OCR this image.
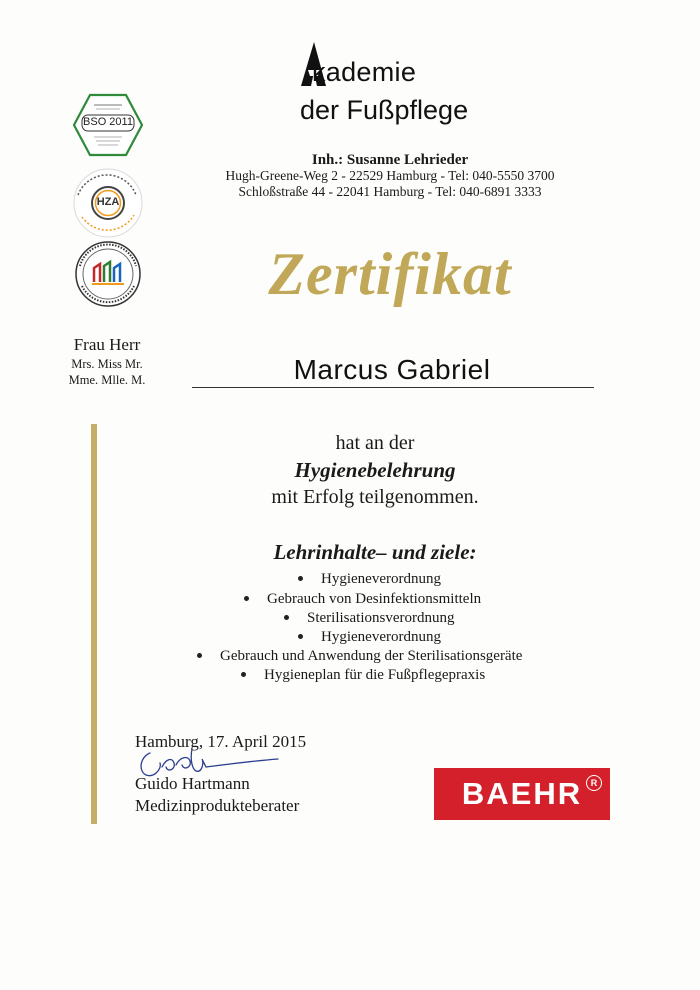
kademie
der Fußpflege
Inh.: Susanne Lehrieder
Hugh-Greene-Weg 2 - 22529 Hamburg - Tel: 040-5550 3700
Schloßstraße 44 - 22041 Hamburg - Tel: 040-6891 3333
BSO 2011
HZA
Zertifikat
Frau Herr
Mrs. Miss Mr.
Mme. Mlle. M.	Marcus Gabriel
hat an der
Hygienebelehrung
mit Erfolg teilgenommen.
Lehrinhalte– und ziele:
Hygieneverordnung
Gebrauch von Desinfektionsmitteln
Sterilisationsverordnung
Hygieneverordnung
Gebrauch und Anwendung der Sterilisationsgeräte
Hygieneplan für die Fußpflegepraxis
Hamburg, 17. April 2015
Guido Hartmann
Medizinprodukteberater	BAEHR R
